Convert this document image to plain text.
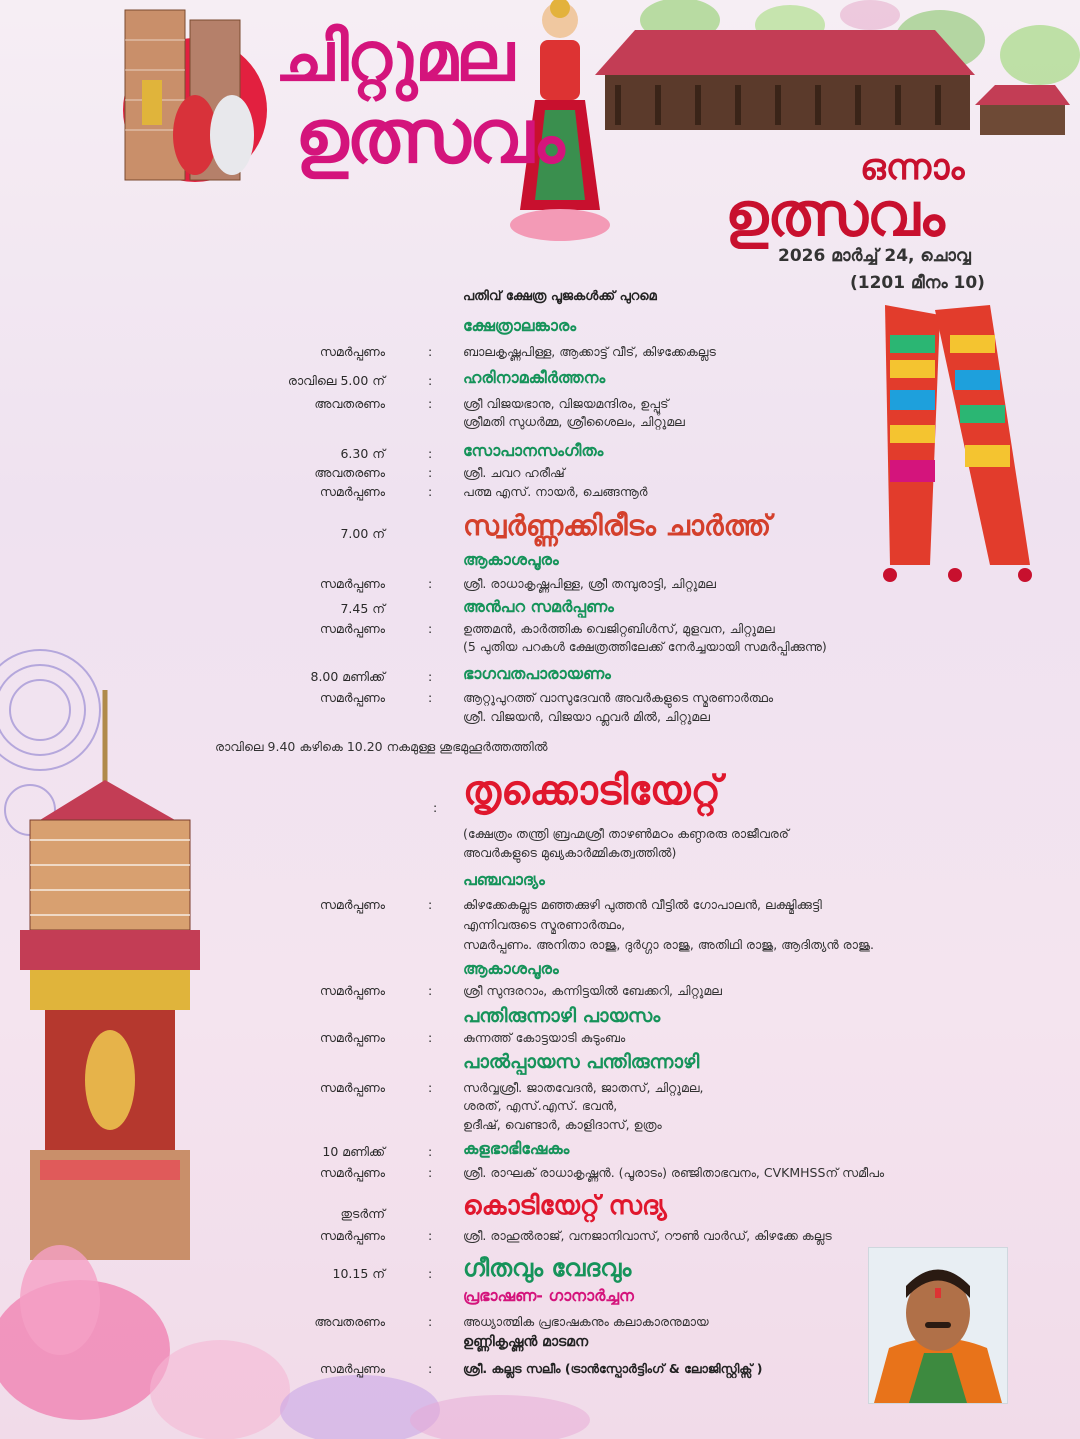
ചിറ്റുമല
ഉത്സവം	ഒന്നാം
ഉത്സവം
2026 മാർച്ച് 24, ചൊവ്വ
(1201 മീനം 10)
പതിവ് ക്ഷേത്ര പൂജകൾക്ക് പുറമെ
ക്ഷേത്രാലങ്കാരം
സമർപ്പണം	:	ബാലകൃഷ്ണപിള്ള, ആക്കാട്ട് വീട്, കിഴക്കേകല്ലട
രാവിലെ 5.00 ന്	:	ഹരിനാമകീർത്തനം
അവതരണം	:	ശ്രീ വിജയഭാനു, വിജയമന്ദിരം, ഉപ്പൂട്
ശ്രീമതി സുധർമ്മ, ശ്രീശൈലം, ചിറ്റുമല
6.30 ന്	:	സോപാനസംഗീതം
അവതരണം	:	ശ്രീ. ചവറ ഹരീഷ്
സമർപ്പണം	:	പത്മ എസ്. നായർ, ചെങ്ങന്നൂർ
7.00 ന്	സ്വർണ്ണക്കിരീടം ചാർത്ത്
ആകാശപൂരം
സമർപ്പണം	:	ശ്രീ. രാധാകൃഷ്ണപിള്ള, ശ്രീ തമ്പുരാട്ടി, ചിറ്റുമല
7.45 ന്	അൻപറ സമർപ്പണം
സമർപ്പണം	:	ഉത്തമൻ, കാർത്തിക വെജിറ്റബിൾസ്, മുളവന, ചിറ്റുമല
(5 പുതിയ പറകൾ ക്ഷേത്രത്തിലേക്ക് നേർച്ചയായി സമർപ്പിക്കുന്നു)
8.00 മണിക്ക്	:	ഭാഗവതപാരായണം
സമർപ്പണം	:	ആറ്റുപുറത്ത് വാസുദേവൻ അവർകളുടെ സ്മരണാർത്ഥം
ശ്രീ. വിജയൻ, വിജയാ ഫ്ലവർ മിൽ, ചിറ്റുമല
രാവിലെ 9.40 കഴികെ 10.20 നകമുള്ള ശുഭമുഹൂർത്തത്തിൽ
: തൃക്കൊടിയേറ്റ്
(ക്ഷേത്രം തന്ത്രി ബ്രഹ്മശ്രീ താഴൺമഠം കണ്ഠരരു രാജീവരര്
അവർകളുടെ മുഖ്യകാർമ്മികത്വത്തിൽ)
പഞ്ചവാദ്യം
സമർപ്പണം	:	കിഴക്കേകല്ലട മഞ്ഞക്കുഴി പുത്തൻ വീട്ടിൽ ഗോപാലൻ, ലക്ഷ്മിക്കുട്ടി
എന്നിവരുടെ സ്മരണാർത്ഥം,
സമർപ്പണം. അനിതാ രാജു, ദുർഗ്ഗാ രാജു, അതിഥി രാജു, ആദിത്യൻ രാജു.
ആകാശപൂരം
സമർപ്പണം	:	ശ്രീ സുന്ദരറാം, കന്നിട്ടയിൽ ബേക്കറി, ചിറ്റുമല
പന്തിരുന്നാഴി പായസം
സമർപ്പണം	:	കുന്നത്ത് കോട്ടയാടി കുടുംബം
പാൽപ്പായസ പന്തിരുന്നാഴി
സമർപ്പണം	:	സർവ്വശ്രീ. ജാതവേദൻ, ജാതസ്, ചിറ്റുമല,
ശരത്, എസ്.എസ്. ഭവൻ,
ഉദീഷ്, വെണ്ടാർ, കാളിദാസ്, ഉത്രം
10 മണിക്ക്	:	കളഭാഭിഷേകം
സമർപ്പണം	:	ശ്രീ. രാഘക് രാധാകൃഷ്ണൻ. (പൂരാടം) രഞ്ജിതാഭവനം, CVKMHSSന് സമീപം
തുടർന്ന്	കൊടിയേറ്റ് സദ്യ
സമർപ്പണം	:	ശ്രീ. രാഹുൽരാജ്, വനജാനിവാസ്, റൗൺ വാർഡ്, കിഴക്കേ കല്ലട
10.15 ന്	: ഗീതവും വേദവും
പ്രഭാഷണ- ഗാനാർച്ചന
അവതരണം	:	അധ്യാത്മിക പ്രഭാഷകനും കലാകാരനുമായ
ഉണ്ണികൃഷ്ണൻ മാടമന
സമർപ്പണം	:	ശ്രീ. കല്ലട സലീം (ട്രാൻസ്പോർട്ടിംഗ് & ലോജിസ്റ്റിക്സ് )
